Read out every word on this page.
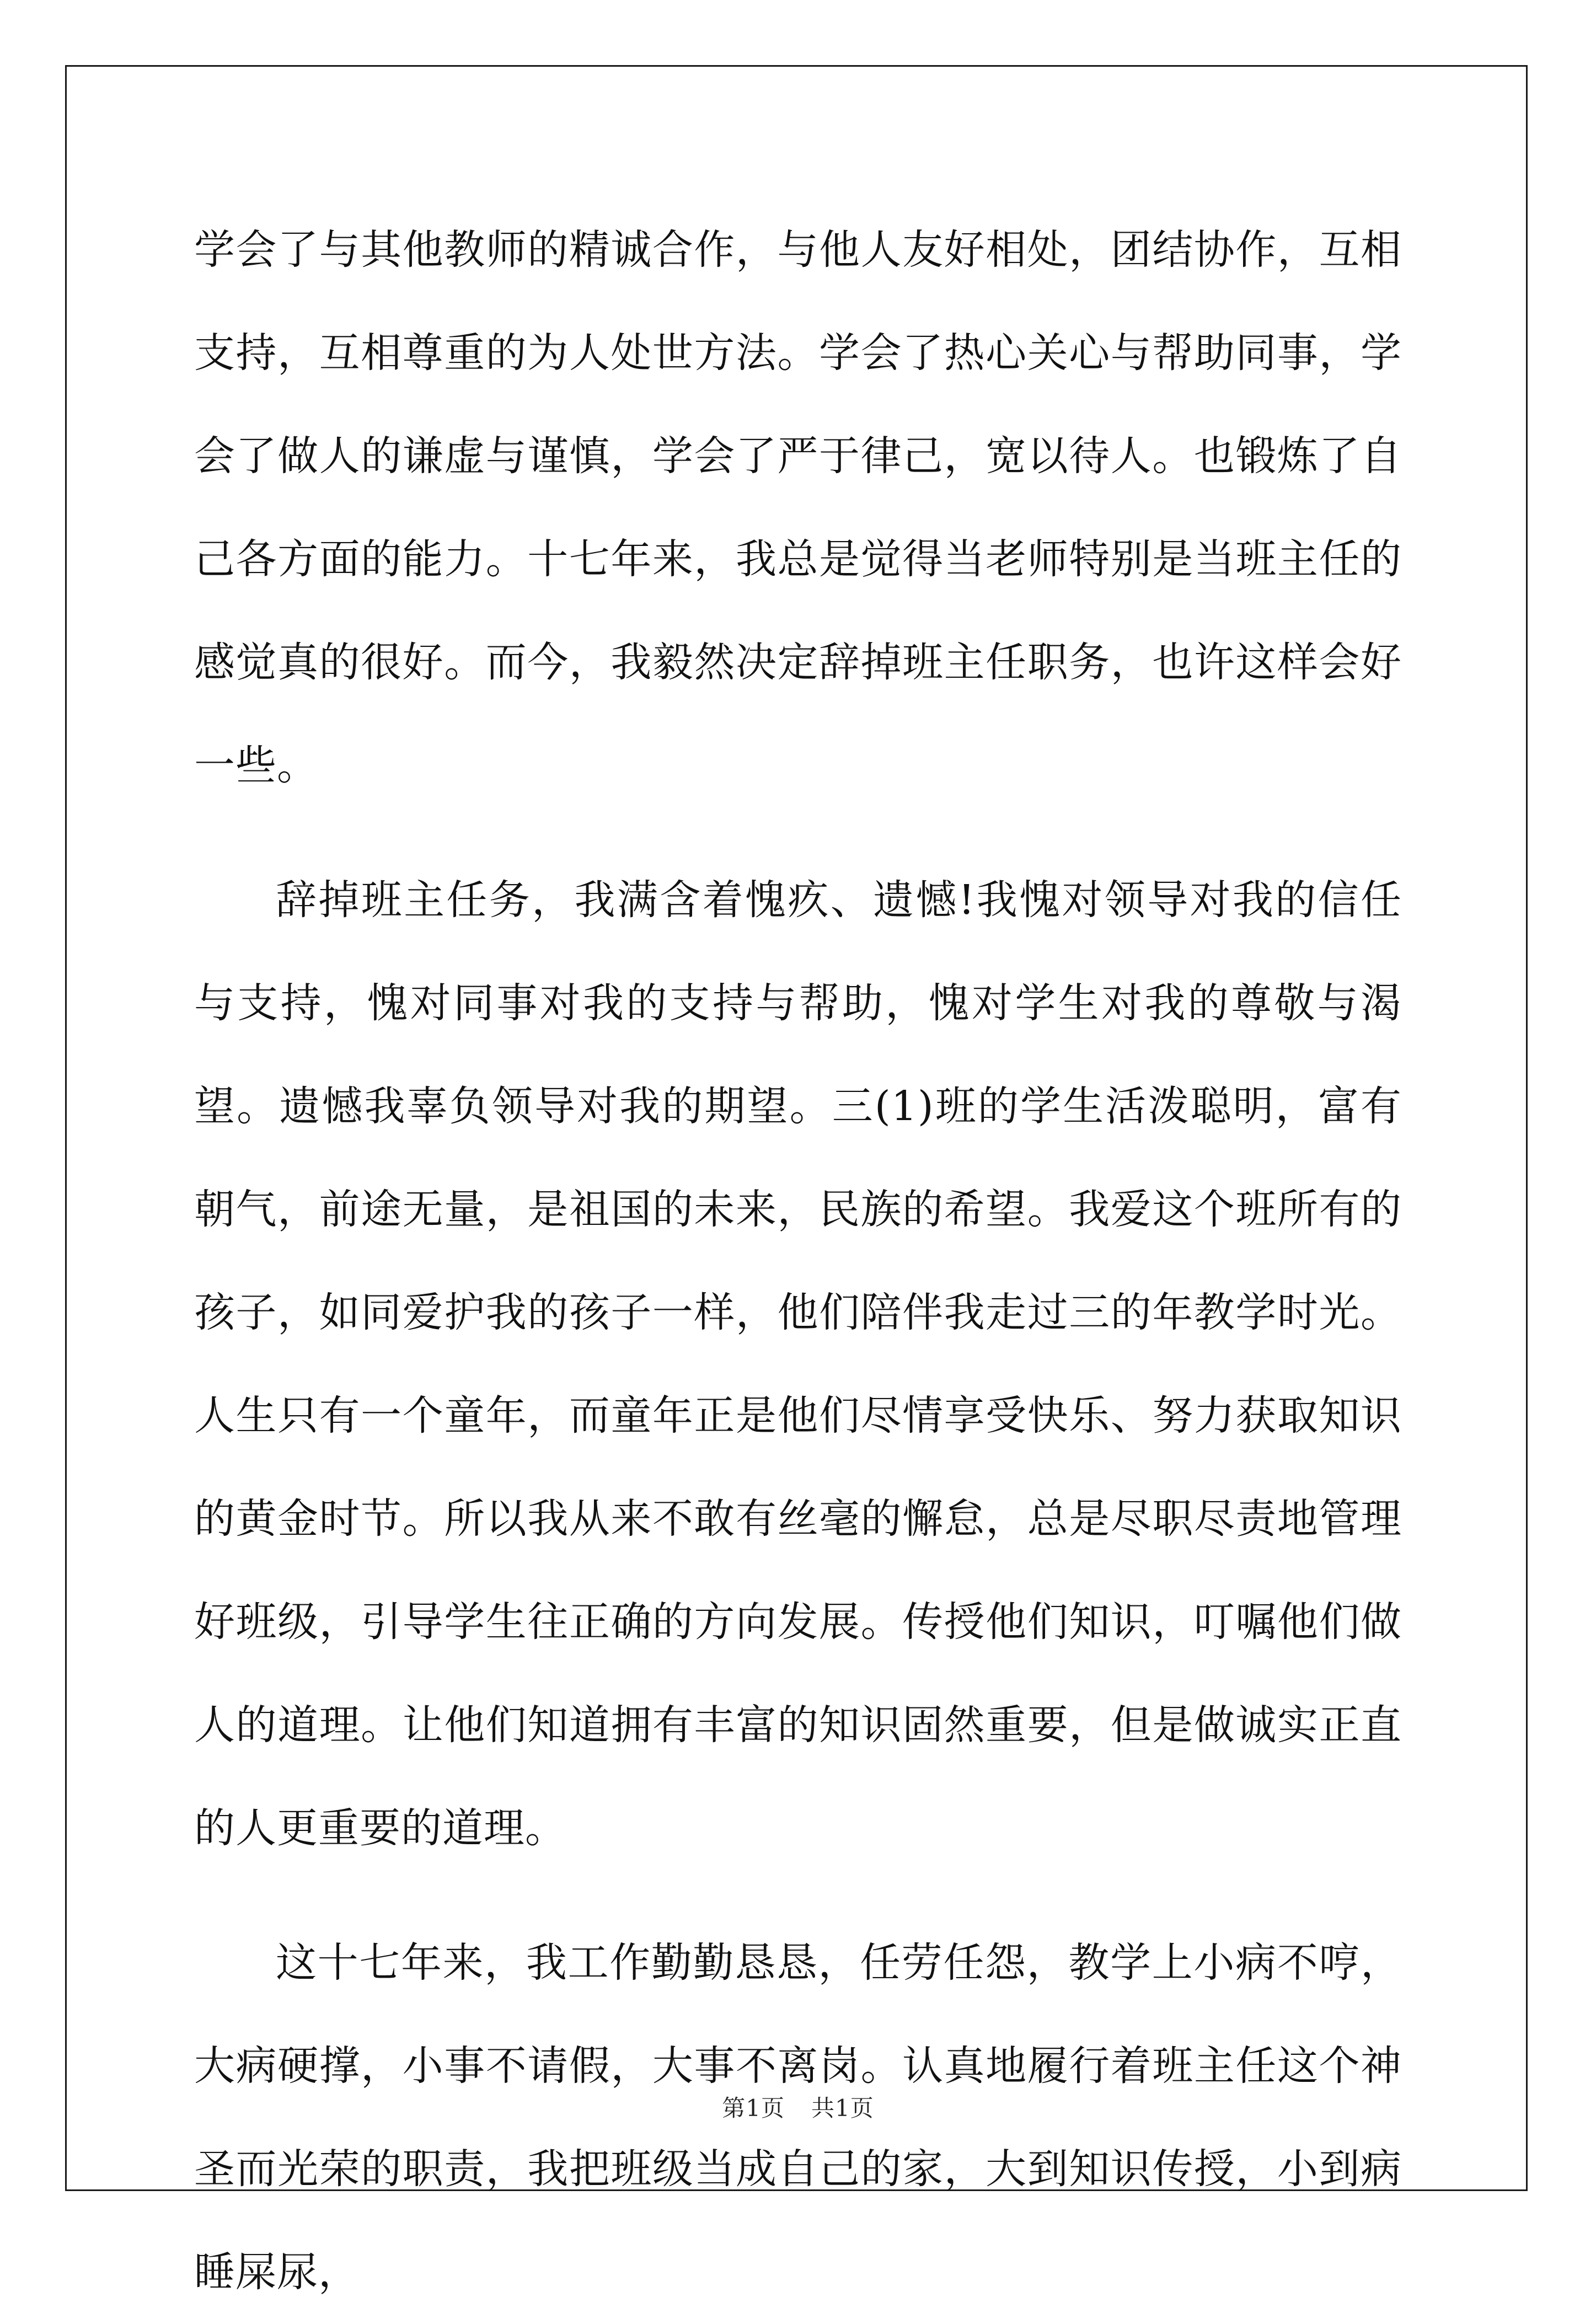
学会了与其他教师的精诚合作，与他人友好相处，团结协作，互相支持，互相尊重的为人处世方法。学会了热心关心与帮助同事，学会了做人的谦虚与谨慎，学会了严于律己，宽以待人。也锻炼了自己各方面的能力。十七年来，我总是觉得当老师特别是当班主任的感觉真的很好。而今，我毅然决定辞掉班主任职务，也许这样会好一些。

辞掉班主任务，我满含着愧疚、遗憾!我愧对领导对我的信任与支持，愧对同事对我的支持与帮助，愧对学生对我的尊敬与渴望。遗憾我辜负领导对我的期望。三(1)班的学生活泼聪明，富有朝气，前途无量，是祖国的未来，民族的希望。我爱这个班所有的孩子，如同爱护我的孩子一样，他们陪伴我走过三的年教学时光。人生只有一个童年，而童年正是他们尽情享受快乐、努力获取知识的黄金时节。所以我从来不敢有丝毫的懈怠，总是尽职尽责地管理好班级，引导学生往正确的方向发展。传授他们知识，叮嘱他们做人的道理。让他们知道拥有丰富的知识固然重要，但是做诚实正直的人更重要的道理。

这十七年来，我工作勤勤恳恳，任劳任怨，教学上小病不哼，大病硬撑，小事不请假，大事不离岗。认真地履行着班主任这个神圣而光荣的职责，我把班级当成自己的家，大到知识传授，小到病睡屎尿，

第1页 共1页
